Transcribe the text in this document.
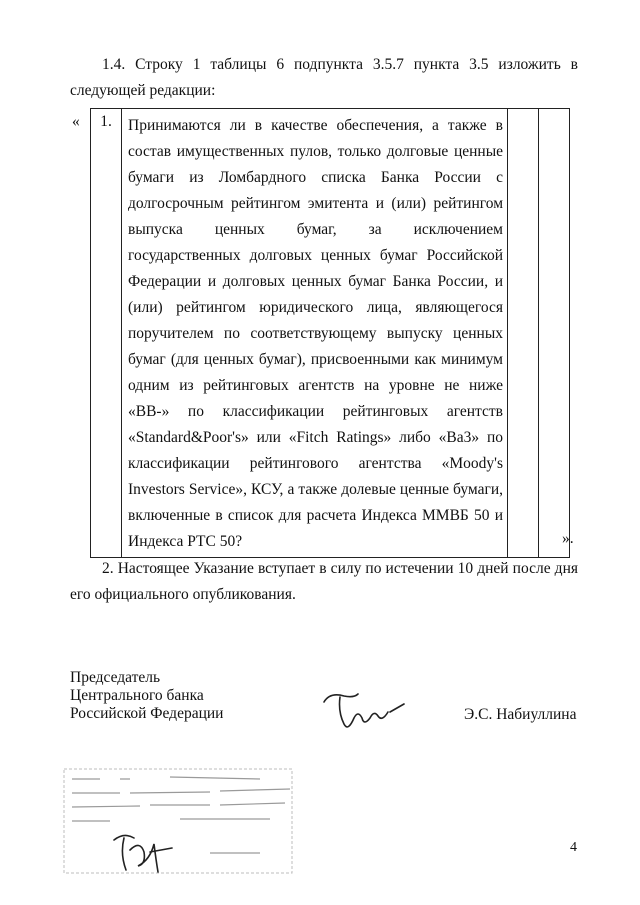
1.4. Строку 1 таблицы 6 подпункта 3.5.7 пункта 3.5 изложить в следующей редакции:
« 1.	Принимаются ли в качестве обеспечения, а также в
состав имущественных пулов, только долговые ценные
бумаги из Ломбардного списка Банка России с
долгосрочным рейтингом эмитента и (или) рейтингом
выпуска ценных бумаг, за исключением
государственных долговых ценных бумаг Российской
Федерации и долговых ценных бумаг Банка России, и
(или) рейтингом юридического лица, являющегося
поручителем по соответствующему выпуску ценных
бумаг (для ценных бумаг), присвоенными как минимум
одним из рейтинговых агентств на уровне не ниже
«ВВ-» по классификации рейтинговых агентств
«Standard&Poor's» или «Fitch Ratings» либо «Ва3» по
классификации рейтингового агентства «Moody's
Investors Service», КСУ, а также долевые ценные бумаги,
включенные в список для расчета Индекса ММВБ 50 и
Индекса РТС 50?
			».
2. Настоящее Указание вступает в силу по истечении 10 дней после дня его официального опубликования.
Председатель
Центрального банка
Российской Федерации	Э.С. Набиуллина
4
